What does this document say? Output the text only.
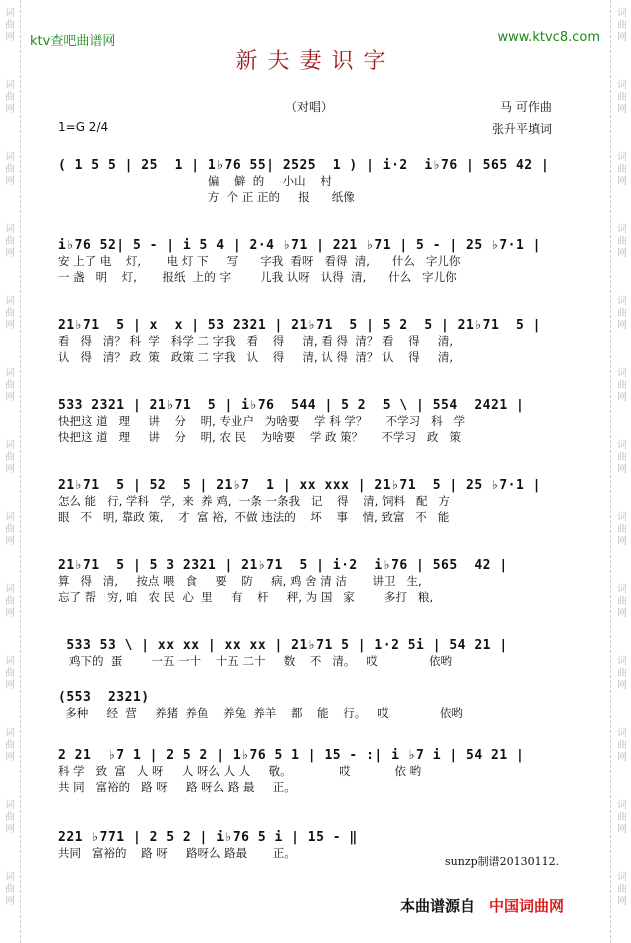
词曲网
词曲网
词曲网
词曲网
词曲网
词曲网
词曲网
词曲网
词曲网
词曲网
词曲网
词曲网
词曲网
词曲网
词曲网
词曲网
词曲网
词曲网
词曲网
词曲网
词曲网
词曲网
词曲网
词曲网
词曲网
词曲网
ktv查吧曲谱网	www.ktvc8.com
新夫妻识字
（对唱）
1=G 2/4
马 可作曲
张升平填词
( 1 5 5 | 25  1 | 1♭76 55| 2525  1 ) | i·2  i♭76 | 565 42 |
偏    僻  的     小山    村
方  个 正 正的     报      纸像
i♭76 52| 5 - | i 5 4 | 2·4 ♭71 | 221 ♭71 | 5 - | 25 ♭7·1 |
安 上了 电    灯,       电 灯 下     写      字我  看呀   看得  清,      什么   字儿你
一 盏   明    灯,       报纸  上的 字        儿我 认呀   认得  清,      什么   字儿你
21♭71  5 | x  x | 53 2321 | 21♭71  5 | 5 2  5 | 21♭71  5 |
看   得   清？ 科  学   科学 二 字我   看    得     清, 看 得  清？ 看    得     清,
认   得   清？ 政  策   政策 二 字我   认    得     清, 认 得  清？ 认    得     清,
533 2321 | 21♭71  5 | i♭76  544 | 5 2  5 \ | 554  2421 |
快把这 道   理     讲    分    明, 专业户   为啥要    学 科 学？     不学习   科   学
快把这 道   理     讲    分    明, 农 民    为啥要    学 政 策？     不学习   政   策
21♭71  5 | 52  5 | 21♭7  1 | xx xxx | 21♭71  5 | 25 ♭7·1 |
怎么 能   行, 学科   学,  来  养 鸡,  一条 一条我   记    得    清, 饲料   配   方
眼   不   明, 靠政 策,    才  富 裕,  不做 违法的    坏    事    情, 致富   不   能
21♭71  5 | 5 3 2321 | 21♭71  5 | i·2  i♭76 | 565  42 |
算   得   清,     按点 喂   食     要    防     病, 鸡 舍 清 洁       讲卫   生,
忘了 帮   穷, 咱   农 民  心  里     有    杆     秤, 为 国   家        多打   粮,
533 53 \ | xx xx | xx xx | 21♭71 5 | 1·2 5i | 54 21 |
鸡下的  蛋        一五 一十    十五 二十     数    不   清。   哎              依哟
(553  2321)
多种     经  营     养猪  养鱼    养兔  养羊    都    能    行。   哎              依哟
2 21  ♭7 1 | 2 5 2 | 1♭76 5 1 | 15 - :| i ♭7 i | 54 21 |
科 学   致  富   人 呀     人 呀么 人 人     敬。             哎            依 哟
共 同   富裕的   路 呀     路 呀么 路 最     正。
221 ♭771 | 2 5 2 | i♭76 5 i | 15 - ‖
共同   富裕的    路 呀     路呀么 路最       正。
sunzp制谱20130112.
本曲谱源自 中国词曲网
